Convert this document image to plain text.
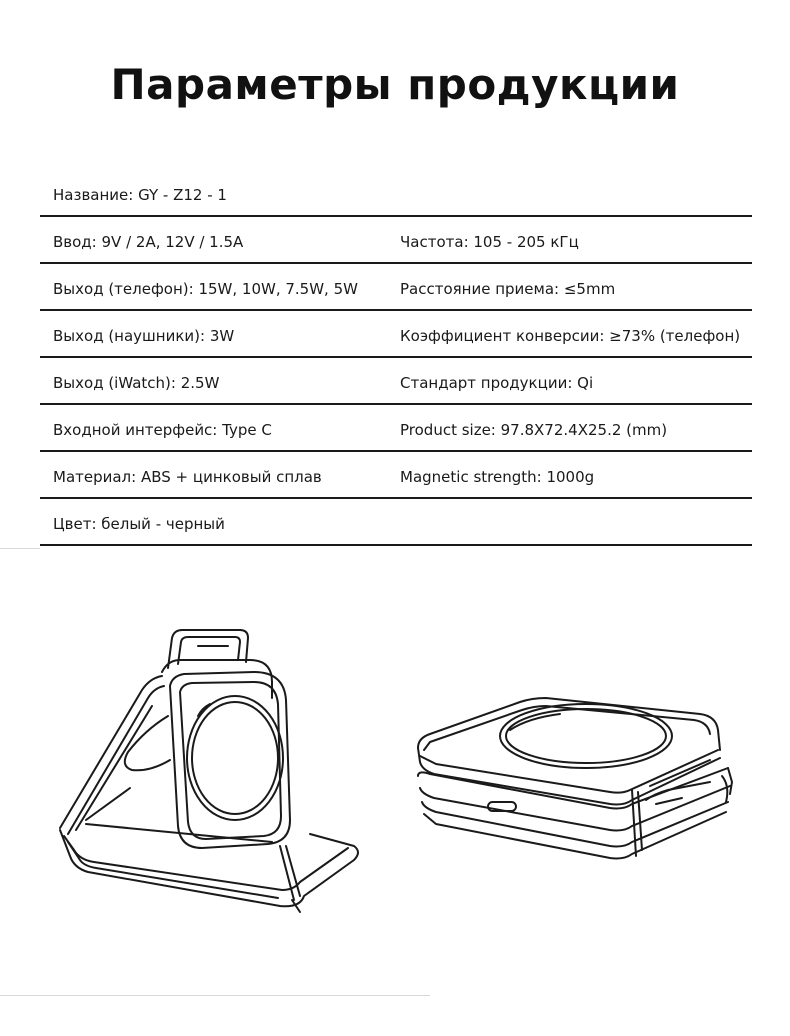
Параметры продукции
Название: GY - Z12 - 1
Ввод: 9V / 2A, 12V / 1.5A	Частота: 105 - 205 кГц
Выход (телефон): 15W, 10W, 7.5W, 5W	Расстояние приема: ≤5mm
Выход (наушники): 3W	Коэффициент конверсии: ≥73% (телефон)
Выход (iWatch): 2.5W	Стандарт продукции: Qi
Входной интерфейс: Type C	Product size: 97.8X72.4X25.2 (mm)
Материал: ABS + цинковый сплав	Magnetic strength: 1000g
Цвет: белый - черный
